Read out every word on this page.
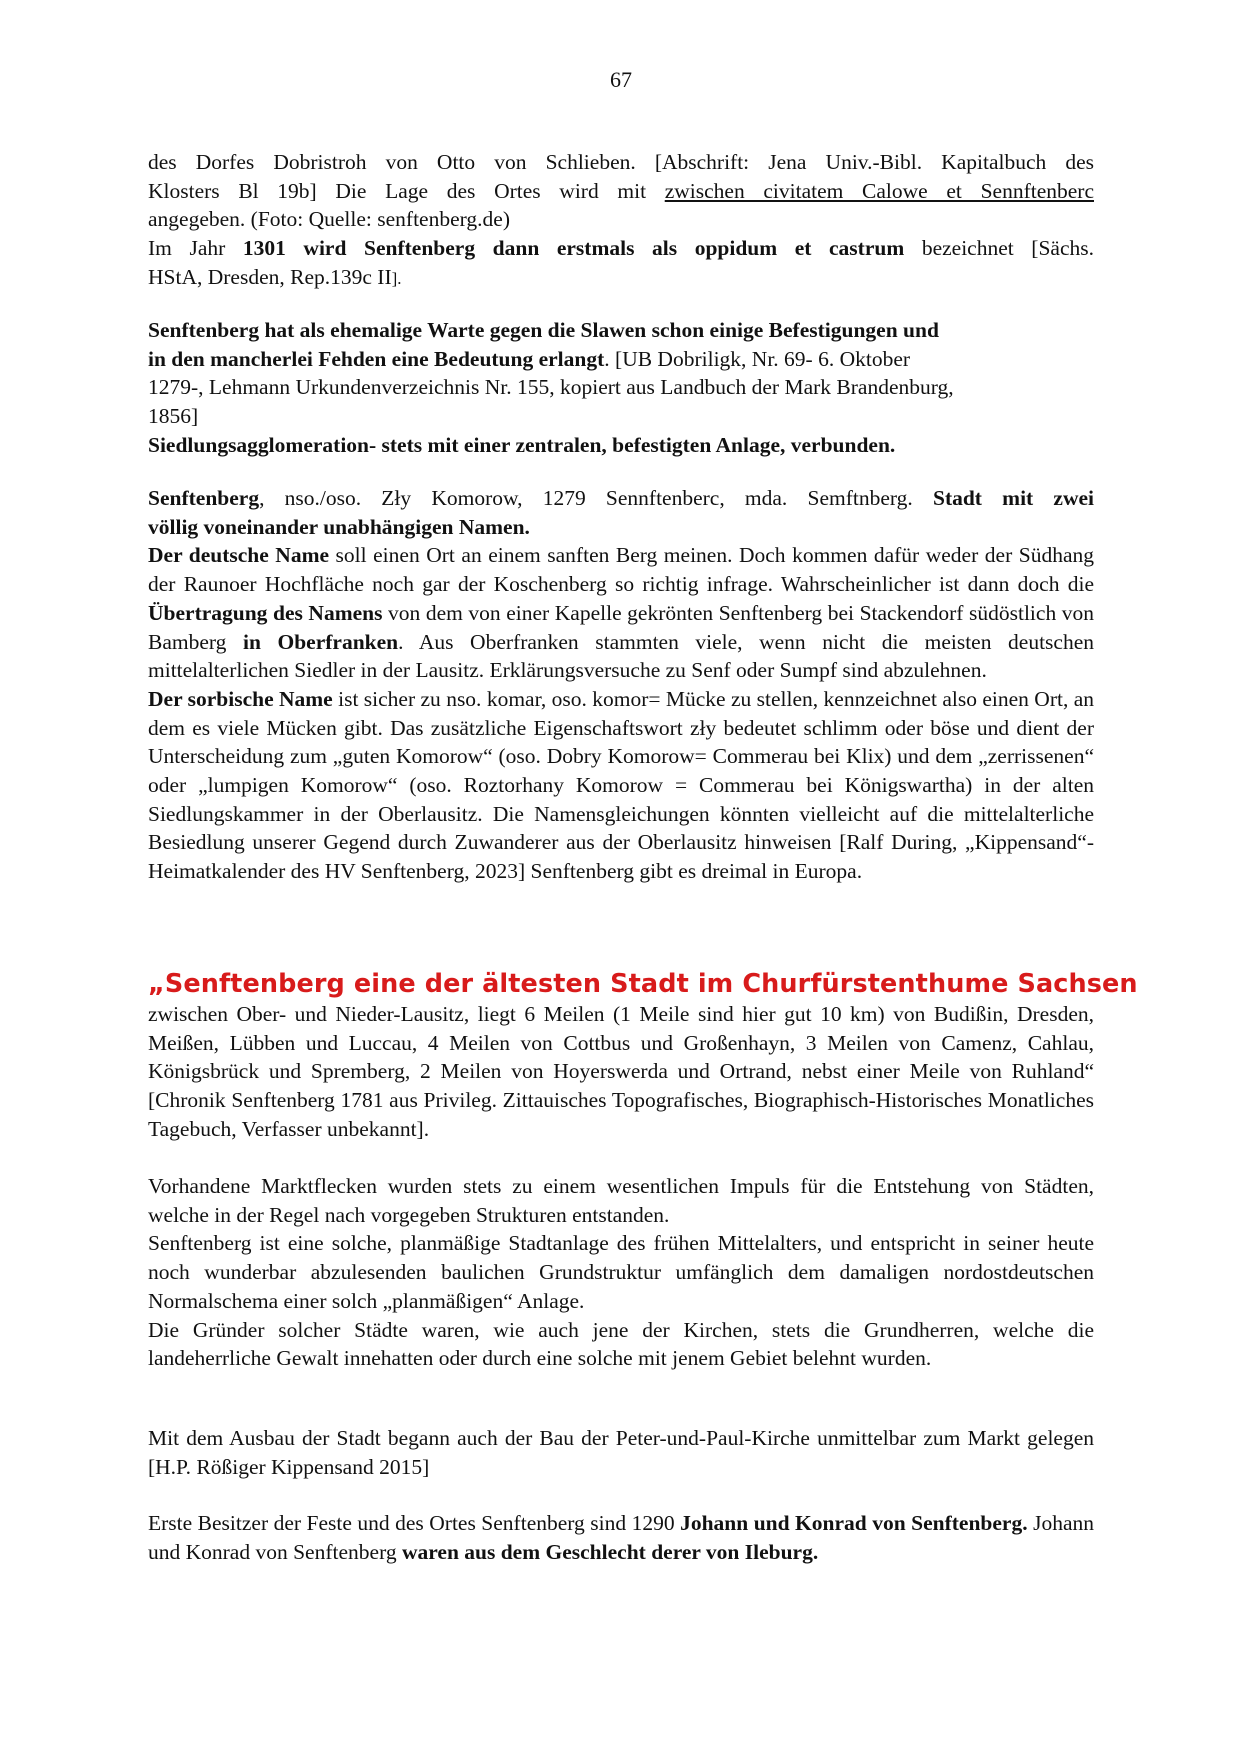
67

des Dorfes Dobristroh von Otto von Schlieben. [Abschrift: Jena Univ.-Bibl. Kapitalbuch des

Klosters Bl 19b] Die Lage des Ortes wird mit zwischen civitatem Calowe et Sennftenberc

angegeben. (Foto: Quelle: senftenberg.de)

Im Jahr 1301 wird Senftenberg dann erstmals als oppidum et castrum bezeichnet [Sächs.

HStA, Dresden, Rep.139c II].

Senftenberg hat als ehemalige Warte gegen die Slawen schon einige Befestigungen und

in den mancherlei Fehden eine Bedeutung erlangt. [UB Dobriligk, Nr. 69- 6. Oktober

1279-, Lehmann Urkundenverzeichnis Nr. 155, kopiert aus Landbuch der Mark Brandenburg,

1856]

Siedlungsagglomeration- stets mit einer zentralen, befestigten Anlage, verbunden.

Senftenberg, nso./oso. Zły Komorow, 1279 Sennftenberc, mda. Semftnberg. Stadt mit zwei

völlig voneinander unabhängigen Namen.

Der deutsche Name soll einen Ort an einem sanften Berg meinen. Doch kommen dafür weder der Südhang der Raunoer Hochfläche noch gar der Koschenberg so richtig infrage. Wahrscheinlicher ist dann doch die Übertragung des Namens von dem von einer Kapelle gekrönten Senftenberg bei Stackendorf südöstlich von Bamberg in Oberfranken. Aus Oberfranken stammten viele, wenn nicht die meisten deutschen mittelalterlichen Siedler in der Lausitz. Erklärungsversuche zu Senf oder Sumpf sind abzulehnen.

Der sorbische Name ist sicher zu nso. komar, oso. komor= Mücke zu stellen, kennzeichnet also einen Ort, an dem es viele Mücken gibt. Das zusätzliche Eigenschaftswort zły bedeutet schlimm oder böse und dient der Unterscheidung zum „guten Komorow“ (oso. Dobry Komorow= Commerau bei Klix) und dem „zerrissenen“ oder „lumpigen Komorow“ (oso. Roztorhany Komorow = Commerau bei Königswartha) in der alten Siedlungskammer in der Oberlausitz. Die Namensgleichungen könnten vielleicht auf die mittelalterliche Besiedlung unserer Gegend durch Zuwanderer aus der Oberlausitz hinweisen [Ralf During, „Kippensand“-Heimatkalender des HV Senftenberg, 2023] Senftenberg gibt es dreimal in Europa.

„Senftenberg eine der ältesten Stadt im Churfürstenthume Sachsen

zwischen Ober- und Nieder-Lausitz, liegt 6 Meilen (1 Meile sind hier gut 10 km) von Budißin, Dresden, Meißen, Lübben und Luccau, 4 Meilen von Cottbus und Großenhayn, 3 Meilen von Camenz, Cahlau, Königsbrück und Spremberg, 2 Meilen von Hoyerswerda und Ortrand, nebst einer Meile von Ruhland“ [Chronik Senftenberg 1781 aus Privileg. Zittauisches Topografisches, Biographisch-Historisches Monatliches Tagebuch, Verfasser unbekannt].

Vorhandene Marktflecken wurden stets zu einem wesentlichen Impuls für die Entstehung von Städten, welche in der Regel nach vorgegeben Strukturen entstanden.

Senftenberg ist eine solche, planmäßige Stadtanlage des frühen Mittelalters, und entspricht in seiner heute noch wunderbar abzulesenden baulichen Grundstruktur umfänglich dem damaligen nordostdeutschen Normalschema einer solch „planmäßigen“ Anlage.

Die Gründer solcher Städte waren, wie auch jene der Kirchen, stets die Grundherren, welche die landeherrliche Gewalt innehatten oder durch eine solche mit jenem Gebiet belehnt wurden.

Mit dem Ausbau der Stadt begann auch der Bau der Peter-und-Paul-Kirche unmittelbar zum Markt gelegen [H.P. Rößiger Kippensand 2015]

Erste Besitzer der Feste und des Ortes Senftenberg sind 1290 Johann und Konrad von Senftenberg. Johann und Konrad von Senftenberg waren aus dem Geschlecht derer von Ileburg.
